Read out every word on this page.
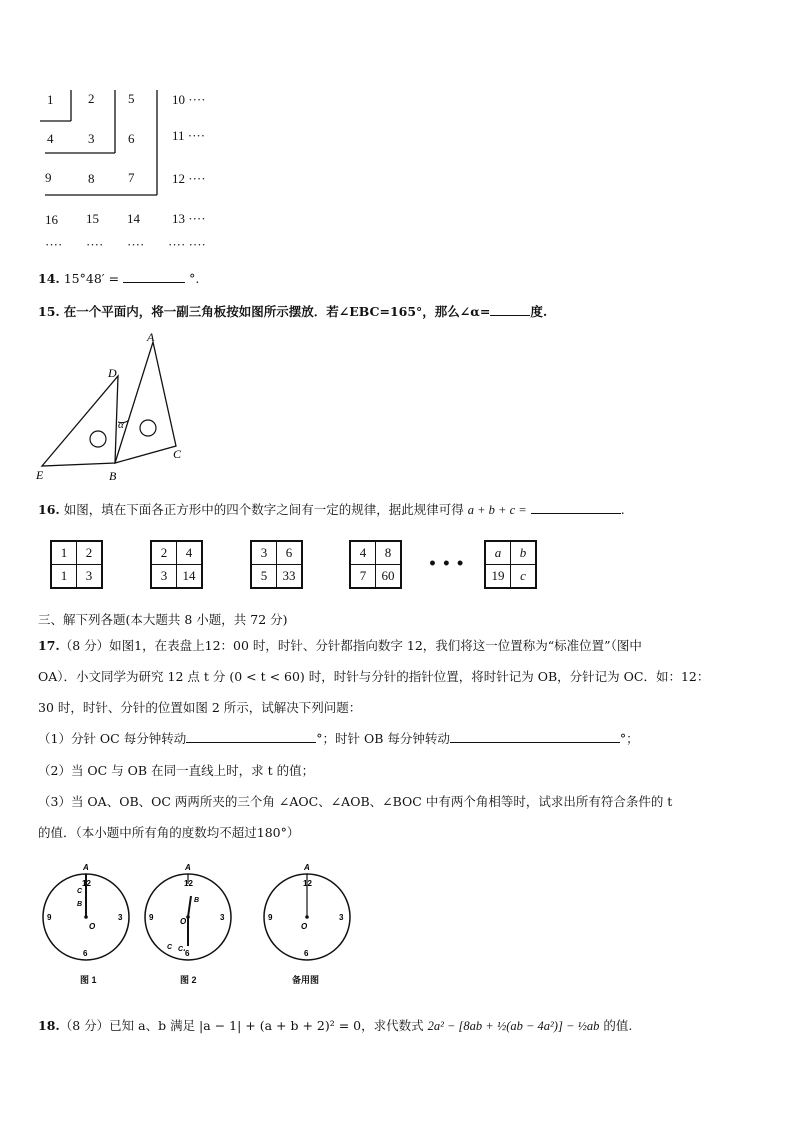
1	2	5	10 ····
4	3	6	11 ····
9	8	7	12 ····
16 15 14 13 ····
···· ···· ···· ···· ····
14. 15°48′ =	°.
15. 在一个平面内，将一副三角板按如图所示摆放．若∠EBC=165°，那么∠α=	度.
A
D
E	B
C
α
16. 如图，填在下面各正方形中的四个数字之间有一定的规律，据此规律可得 a + b + c =	.
1	2
1	3
2	4
3	14
3	6
5	33
4	8
7	60
• • •
a	b
19	c
三、解下列各题(本大题共 8 小题，共 72 分)
17.（8 分）如图1，在表盘上12：00 时，时针、分针都指向数字 12，我们将这一位置称为“标准位置”（图中
OA）．小文同学为研究 12 点 t 分 (0 < t < 60) 时，时针与分针的指针位置，将时针记为 OB，分针记为 OC．如：12：
30 时，时针、分针的位置如图 2 所示，试解决下列问题：
（1）分针 OC 每分钟转动	°；时针 OB 每分钟转动	°；
（2）当 OC 与 OB 在同一直线上时，求 t 的值；
（3）当 OA、OB、OC 两两所夹的三个角 ∠AOC、∠AOB、∠BOC 中有两个角相等时，试求出所有符合条件的 t
的值．（本小题中所有角的度数均不超过180°）
12
3
6
9
A
C
B
O
图 1
12
3
6
9
A
B
O
C C₁
图 2
12
3
6
9
A
O
备用图
18.（8 分）已知 a、b 满足 |a − 1| + (a + b + 2)² = 0，求代数式 2a² − [8ab + ½(ab − 4a²)] − ½ab 的值.
